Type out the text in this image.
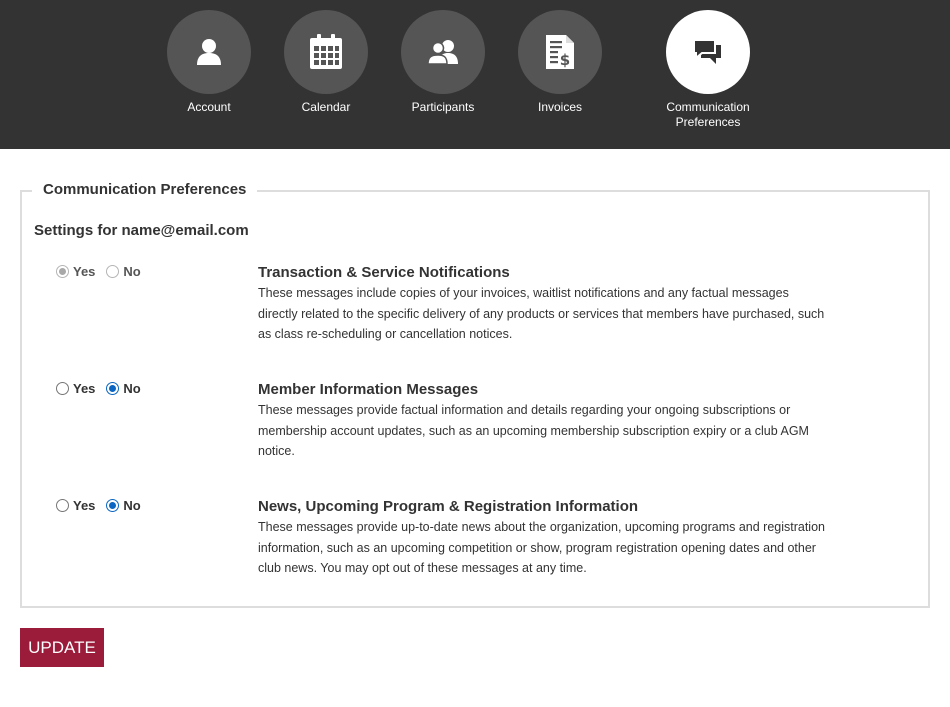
Account	Calendar	Participants
$
Invoices	Communication
Preferences
Communication Preferences
Settings for name@email.com
Yes No	Transaction & Service Notifications
These messages include copies of your invoices, waitlist notifications and any factual messages directly related to the specific delivery of any products or services that members have purchased, such as class re-scheduling or cancellation notices.
Yes No	Member Information Messages
These messages provide factual information and details regarding your ongoing subscriptions or membership account updates, such as an upcoming membership subscription expiry or a club AGM notice.
Yes No	News, Upcoming Program & Registration Information
These messages provide up-to-date news about the organization, upcoming programs and registration information, such as an upcoming competition or show, program registration opening dates and other club news. You may opt out of these messages at any time.
UPDATE
